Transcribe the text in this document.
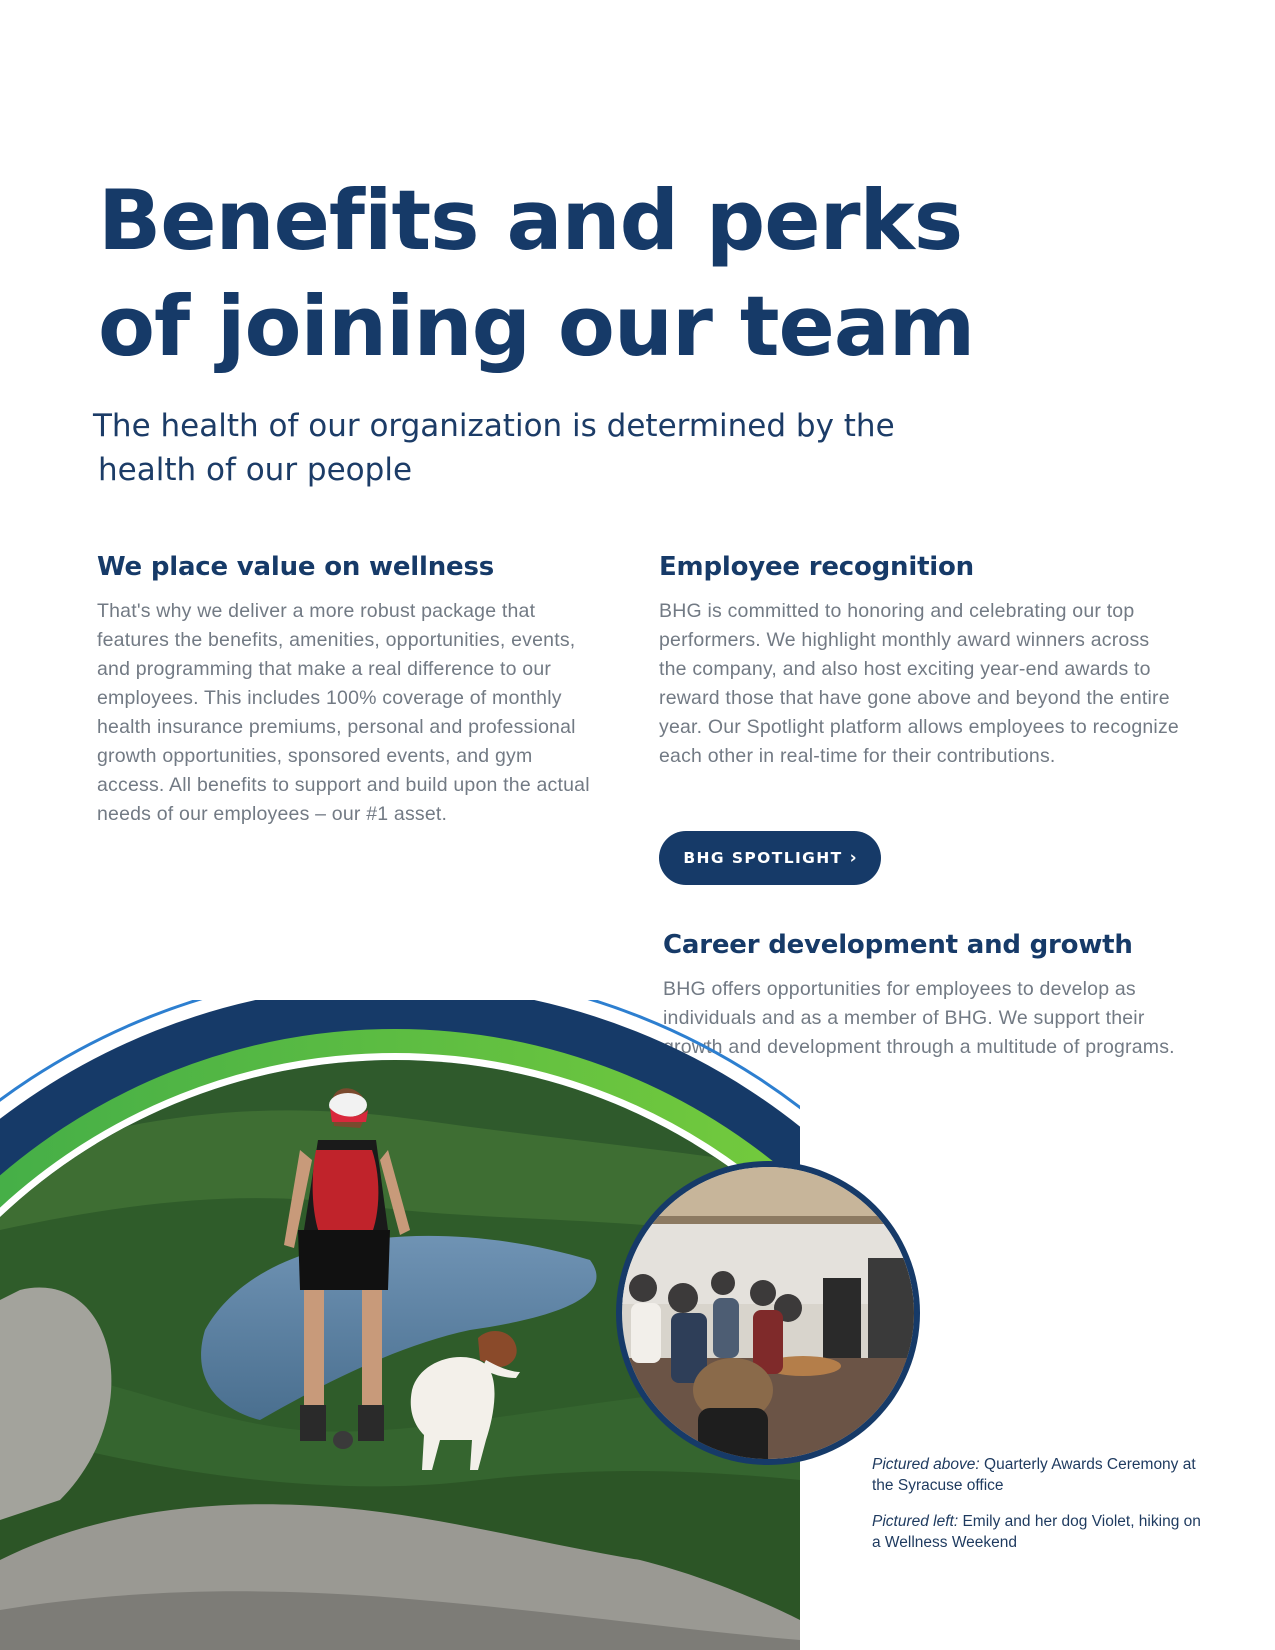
Benefits and perks
of joining our team
The health of our organization is determined by the
health of our people
We place value on wellness

That's why we deliver a more robust package that features the benefits, amenities, opportunities, events, and programming that make a real difference to our employees. This includes 100% coverage of monthly health insurance premiums, personal and professional growth opportunities, sponsored events, and gym access. All benefits to support and build upon the actual needs of our employees – our #1 asset.

Employee recognition

BHG is committed to honoring and celebrating our top performers. We highlight monthly award winners across the company, and also host exciting year-end awards to reward those that have gone above and beyond the entire year. Our Spotlight platform allows employees to recognize each other in real-time for their contributions.

BHG SPOTLIGHT ›
Career development and growth

BHG offers opportunities for employees to develop as individuals and as a member of BHG. We support their growth and development through a multitude of programs.

Pictured above: Quarterly Awards Ceremony at the Syracuse office

Pictured left: Emily and her dog Violet, hiking on a Wellness Weekend
